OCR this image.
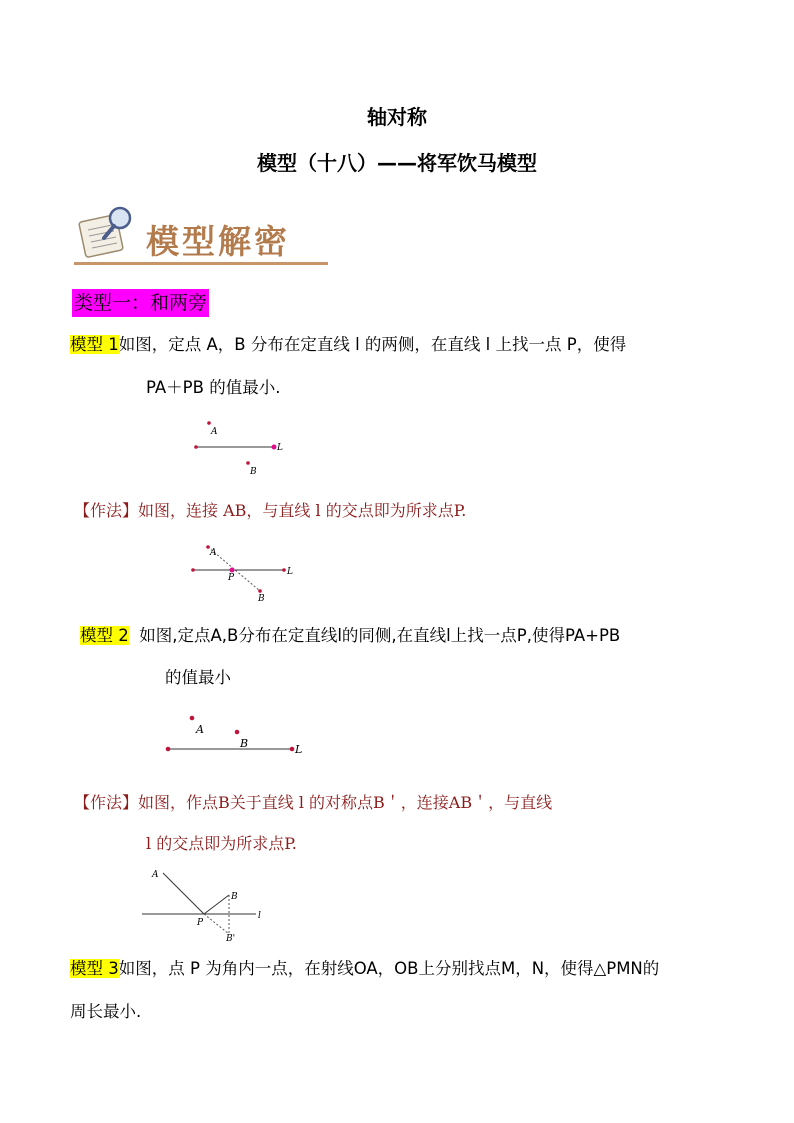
轴对称
模型（十八）——将军饮马模型
模型解密
类型一：和两旁
模型 1如图，定点 A，B 分布在定直线 l 的两侧，在直线 l 上找一点 P，使得
PA＋PB 的值最小.
A
L
B
【作法】如图，连接 AB，与直线 l 的交点即为所求点P.
A
P
L
B
模型 2 如图,定点A,B分布在定直线l的同侧,在直线l上找一点P,使得PA+PB
的值最小
A
B	L
【作法】如图，作点B关于直线 l 的对称点B＇，连接AB＇，与直线
l 的交点即为所求点P.
A
B
P
B'
l
模型 3如图，点 P 为角内一点，在射线OA，OB上分别找点M，N，使得△PMN的
周长最小.
